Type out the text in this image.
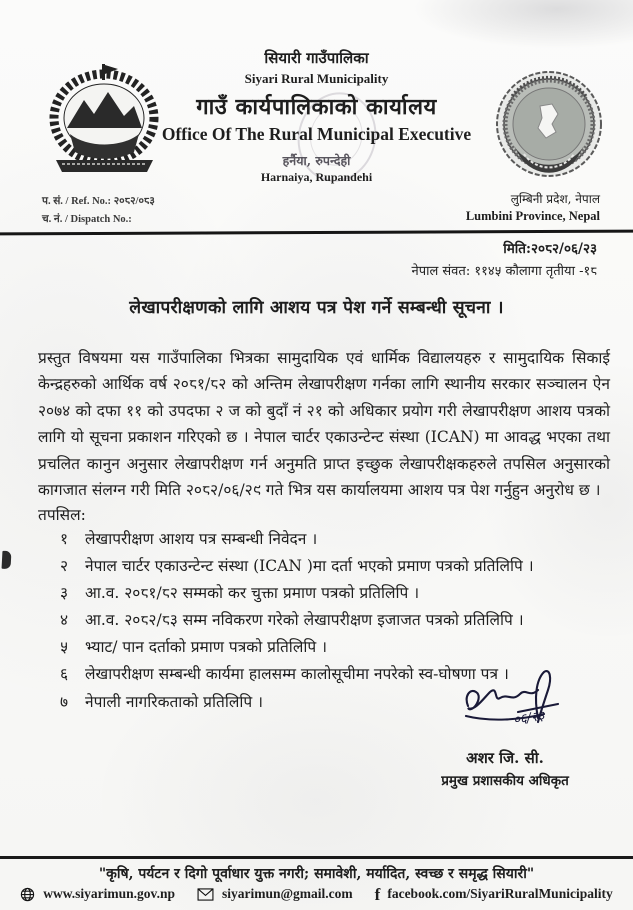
सियारी गाउँपालिका
Siyari Rural Municipality
गाउँ कार्यपालिकाको कार्यालय
Office Of The Rural Municipal Executive
हर्नैया, रुपन्देही
Harnaiya, Rupandehi
प. सं. / Ref. No.: २०८२/०८३
च. नं. / Dispatch No.:
लुम्बिनी प्रदेश, नेपाल
Lumbini Province, Nepal
मिति:२०८२/०६/२३
नेपाल संवत: ११४५ कौलागा तृतीया -१८
लेखापरीक्षणको लागि आशय पत्र पेश गर्ने सम्बन्धी सूचना ।
प्रस्तुत विषयमा यस गाउँपालिका भित्रका सामुदायिक एवं धार्मिक विद्यालयहरु र सामुदायिक सिकाई केन्द्रहरुको आर्थिक वर्ष २०८१/८२ को अन्तिम लेखापरीक्षण गर्नका लागि स्थानीय सरकार सञ्चालन ऐन २०७४ को दफा ११ को उपदफा २ ज को बुदाँ नं २१ को अधिकार प्रयोग गरी लेखापरीक्षण आशय पत्रको लागि यो सूचना प्रकाशन गरिएको छ । नेपाल चार्टर एकाउन्टेन्ट संस्था (ICAN) मा आवद्ध भएका तथा प्रचलित कानुन अनुसार लेखापरीक्षण गर्न अनुमति प्राप्त इच्छुक लेखापरीक्षकहरुले तपसिल अनुसारको कागजात संलग्न गरी मिति २०८२/०६/२९ गते भित्र यस कार्यालयमा आशय पत्र पेश गर्नुहुन अनुरोध छ ।
तपसिल:
१	लेखापरीक्षण आशय पत्र सम्बन्धी निवेदन ।
२	नेपाल चार्टर एकाउन्टेन्ट संस्था (ICAN )मा दर्ता भएको प्रमाण पत्रको प्रतिलिपि ।
३	आ.व. २०८१/८२ सम्मको कर चुक्ता प्रमाण पत्रको प्रतिलिपि ।
४	आ.व. २०८२/८३ सम्म नविकरण गरेको लेखापरीक्षण इजाजत पत्रको प्रतिलिपि ।
५	भ्याट/ पान दर्ताको प्रमाण पत्रको प्रतिलिपि ।
६	लेखापरीक्षण सम्बन्धी कार्यमा हालसम्म कालोसूचीमा नपरेको स्व-घोषणा पत्र ।
७	नेपाली नागरिकताको प्रतिलिपि ।
०६/२३
अशर जि. सी.
प्रमुख प्रशासकीय अधिकृत
"कृषि, पर्यटन र दिगो पूर्वाधार युक्त नगरी; समावेशी, मर्यादित, स्वच्छ र समृद्ध सियारी"
www.siyarimun.gov.np	siyarimun@gmail.com f facebook.com/SiyariRuralMunicipality
